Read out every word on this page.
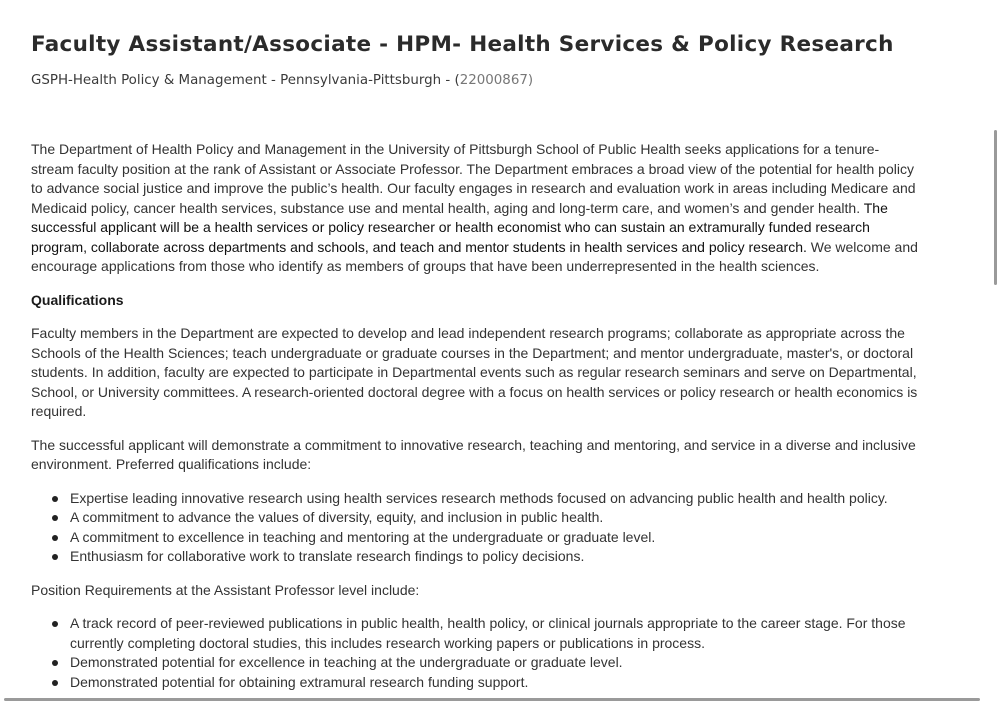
Faculty Assistant/Associate - HPM- Health Services & Policy Research
GSPH-Health Policy & Management - Pennsylvania-Pittsburgh - (22000867)

The Department of Health Policy and Management in the University of Pittsburgh School of Public Health seeks applications for a tenure-stream faculty position at the rank of Assistant or Associate Professor. The Department embraces a broad view of the potential for health policy to advance social justice and improve the public’s health. Our faculty engages in research and evaluation work in areas including Medicare and Medicaid policy, cancer health services, substance use and mental health, aging and long-term care, and women’s and gender health. The successful applicant will be a health services or policy researcher or health economist who can sustain an extramurally funded research program, collaborate across departments and schools, and teach and mentor students in health services and policy research. We welcome and encourage applications from those who identify as members of groups that have been underrepresented in the health sciences.

Qualifications

Faculty members in the Department are expected to develop and lead independent research programs; collaborate as appropriate across the Schools of the Health Sciences; teach undergraduate or graduate courses in the Department; and mentor undergraduate, master's, or doctoral students. In addition, faculty are expected to participate in Departmental events such as regular research seminars and serve on Departmental, School, or University committees. A research-oriented doctoral degree with a focus on health services or policy research or health economics is required.

The successful applicant will demonstrate a commitment to innovative research, teaching and mentoring, and service in a diverse and inclusive environment. Preferred qualifications include:

Expertise leading innovative research using health services research methods focused on advancing public health and health policy.
A commitment to advance the values of diversity, equity, and inclusion in public health.
A commitment to excellence in teaching and mentoring at the undergraduate or graduate level.
Enthusiasm for collaborative work to translate research findings to policy decisions.

Position Requirements at the Assistant Professor level include:

A track record of peer-reviewed publications in public health, health policy, or clinical journals appropriate to the career stage. For those currently completing doctoral studies, this includes research working papers or publications in process.
Demonstrated potential for excellence in teaching at the undergraduate or graduate level.
Demonstrated potential for obtaining extramural research funding support.
